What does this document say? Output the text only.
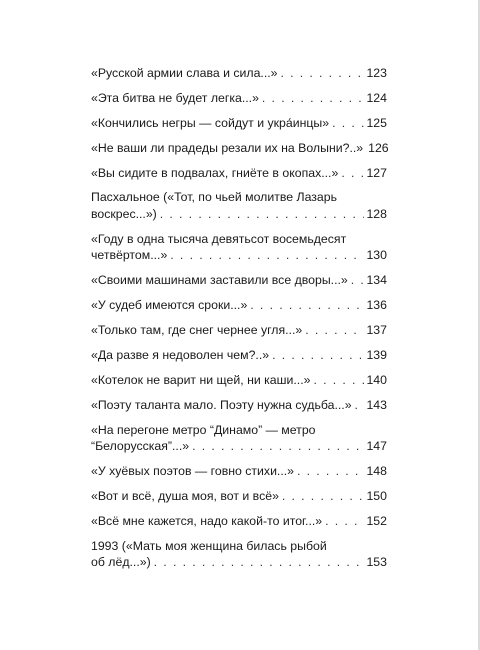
«Русской армии слава и сила...» . . .	123
«Эта битва не будет легка...» . . .	124
«Кончились негры — сойдут и укра́инцы» . . .	125
«Не ваши ли прадеды резали их на Волыни?..» 126
«Вы сидите в подвалах, гниёте в окопах...» . . . 127
Пасхальное («Тот, по чьей молитве Лазарь
воскрес...») . . .	128
«Году в одна тысяча девятьсот восемьдесят
четвёртом...» . . .	130
«Своими машинами заставили все дворы...» . . . 134
«У судеб имеются сроки...» . . .	136
«Только там, где снег чернее угля...» . . .	137
«Да разве я недоволен чем?..» . . .	139
«Котелок не варит ни щей, ни каши...» . . .	140
«Поэту таланта мало. Поэту нужна судьба...» . . . 143
«На перегоне метро “Динамо” — метро
“Белорусская”...» . . .	147
«У хуёвых поэтов — говно стихи...» . . .	148
«Вот и всё, душа моя, вот и всё» . . .	150
«Всё мне кажется, надо какой-то итог...» . . .	152
1993 («Мать моя женщина билась рыбой
об лёд...») . . .	153
